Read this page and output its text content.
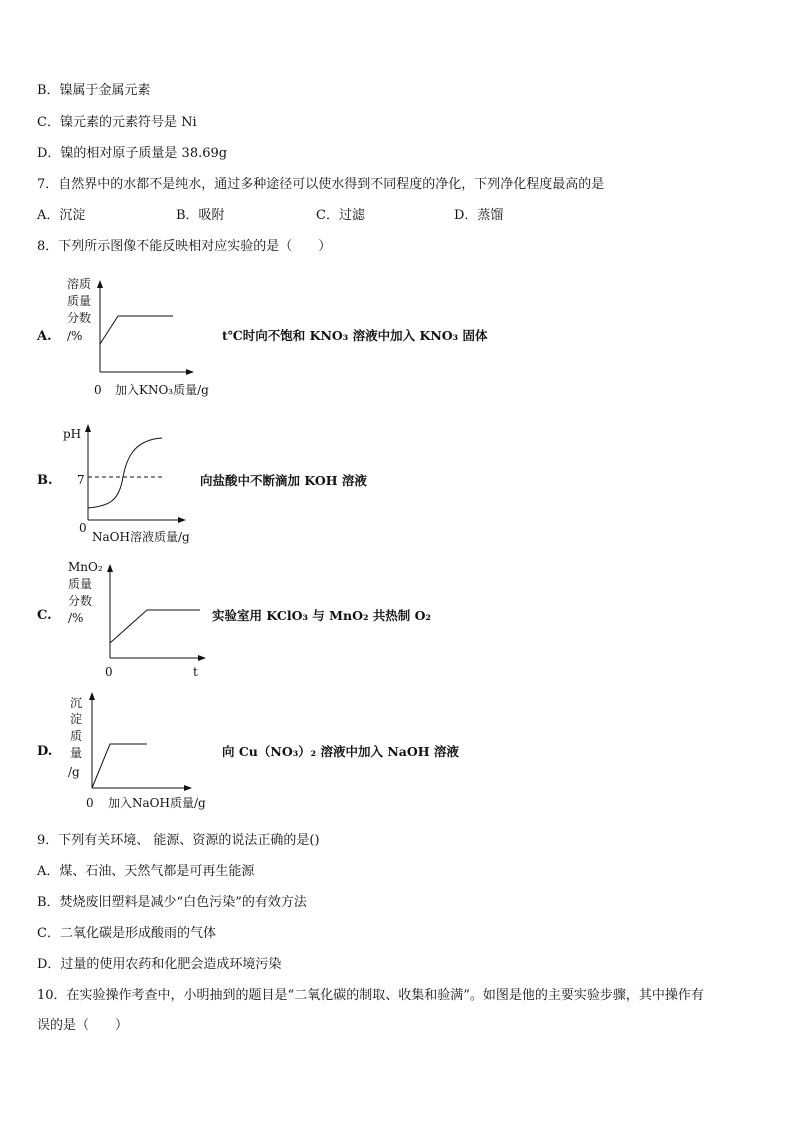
B．镍属于金属元素
C．镍元素的元素符号是 Ni
D．镍的相对原子质量是 38.69g
7．自然界中的水都不是纯水，通过多种途径可以使水得到不同程度的净化，下列净化程度最高的是
A．沉淀	B．吸附	C．过滤	D．蒸馏
8．下列所示图像不能反映相对应实验的是（　　）
A.
溶质
质量
分数
/%
0 加入KNO₃质量/g
t℃时向不饱和 KNO₃ 溶液中加入 KNO₃ 固体
B.
pH
7
0
NaOH溶液质量/g
向盐酸中不断滴加 KOH 溶液
C.
MnO₂
质量
分数
/%
0	t
实验室用 KClO₃ 与 MnO₂ 共热制 O₂
D.
沉
淀
质
量
/g
0 加入NaOH质量/g
向 Cu（NO₃）₂ 溶液中加入 NaOH 溶液
9．下列有关环境、 能源、资源的说法正确的是()
A．煤、石油、天然气都是可再生能源
B．焚烧废旧塑料是减少“白色污染”的有效方法
C．二氧化碳是形成酸雨的气体
D．过量的使用农药和化肥会造成环境污染
10．在实验操作考查中，小明抽到的题目是“二氧化碳的制取、收集和验满”。如图是他的主要实验步骤，其中操作有
误的是（　　）
